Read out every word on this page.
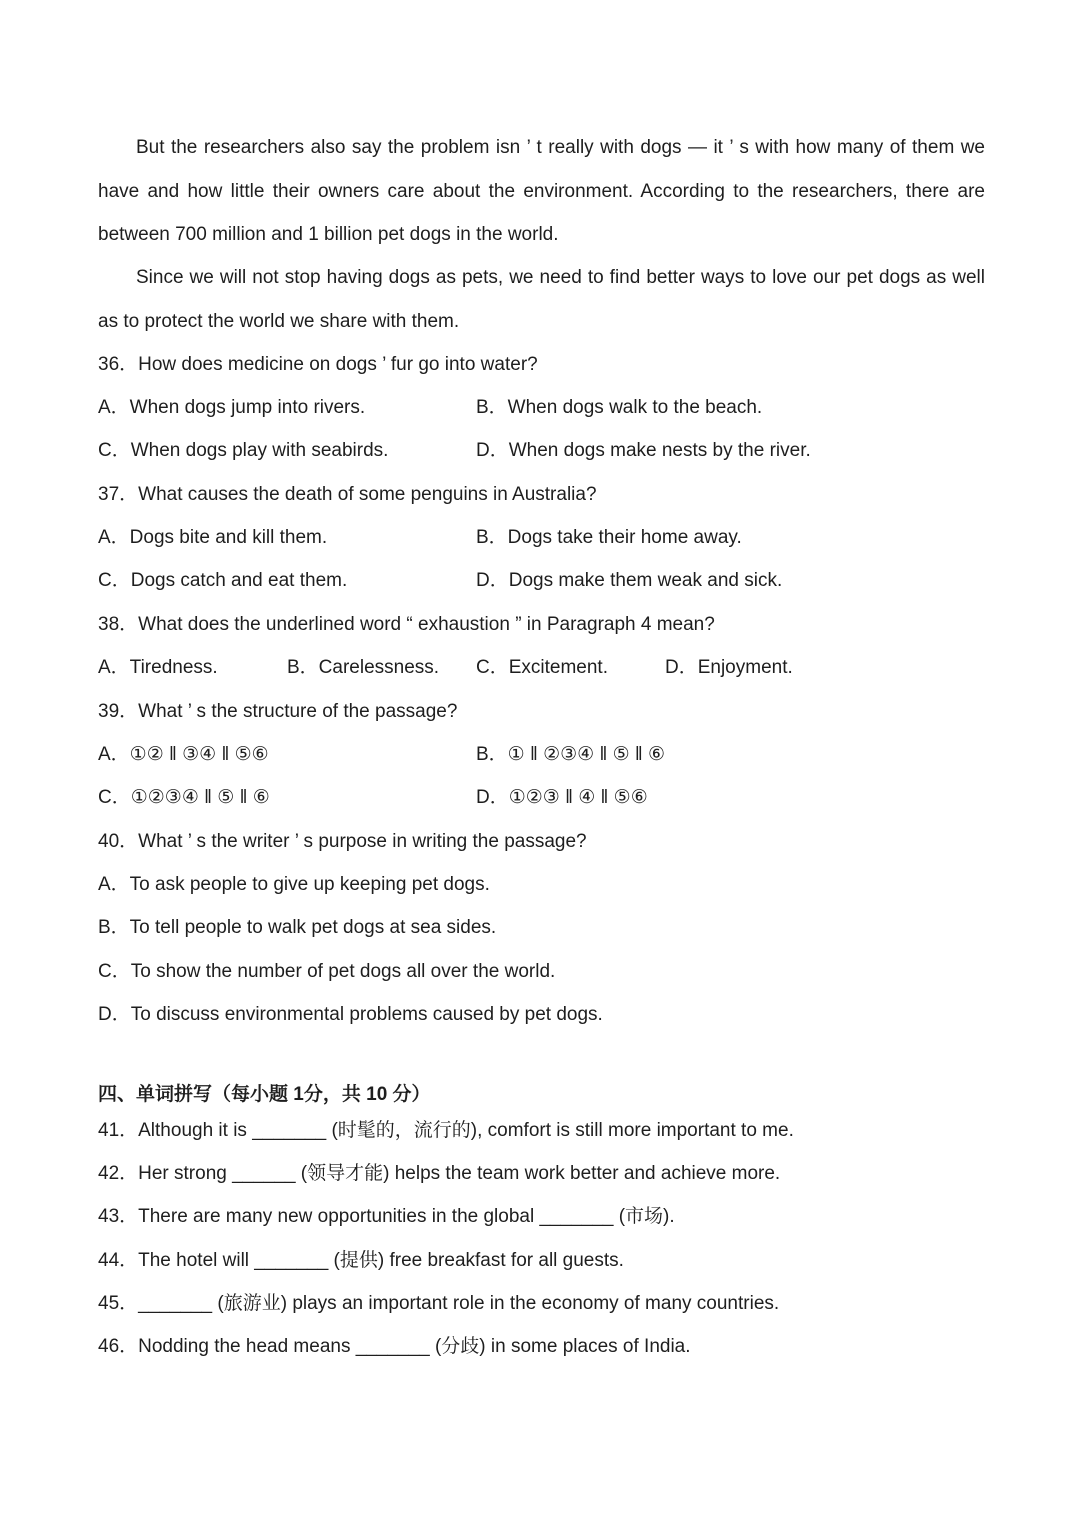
But the researchers also say the problem isn ’ t really with dogs — it ’ s with how many of them we have and how little their owners care about the environment. According to the researchers, there are between 700 million and 1 billion pet dogs in the world.

Since we will not stop having dogs as pets, we need to find better ways to love our pet dogs as well as to protect the world we share with them.

36．How does medicine on dogs ’ fur go into water?
A．When dogs jump into rivers.	B．When dogs walk to the beach.
C．When dogs play with seabirds.	D．When dogs make nests by the river.
37．What causes the death of some penguins in Australia?
A．Dogs bite and kill them.	B．Dogs take their home away.
C．Dogs catch and eat them.	D．Dogs make them weak and sick.
38．What does the underlined word “ exhaustion ” in Paragraph 4 mean?
A．Tiredness.	B．Carelessness. C．Excitement.	D．Enjoyment.
39．What ’ s the structure of the passage?
A．①② ‖ ③④ ‖ ⑤⑥	B．① ‖ ②③④ ‖ ⑤ ‖ ⑥
C．①②③④ ‖ ⑤ ‖ ⑥	D．①②③ ‖ ④ ‖ ⑤⑥
40．What ’ s the writer ’ s purpose in writing the passage?
A．To ask people to give up keeping pet dogs.
B．To tell people to walk pet dogs at sea sides.
C．To show the number of pet dogs all over the world.
D．To discuss environmental problems caused by pet dogs.
四、单词拼写（每小题 1分，共 10 分）
41．Although it is _______ (时髦的，流行的), comfort is still more important to me.
42．Her strong ______ (领导才能) helps the team work better and achieve more.
43．There are many new opportunities in the global _______ (市场).
44．The hotel will _______ (提供) free breakfast for all guests.
45．_______ (旅游业) plays an important role in the economy of many countries.
46．Nodding the head means _______ (分歧) in some places of India.
